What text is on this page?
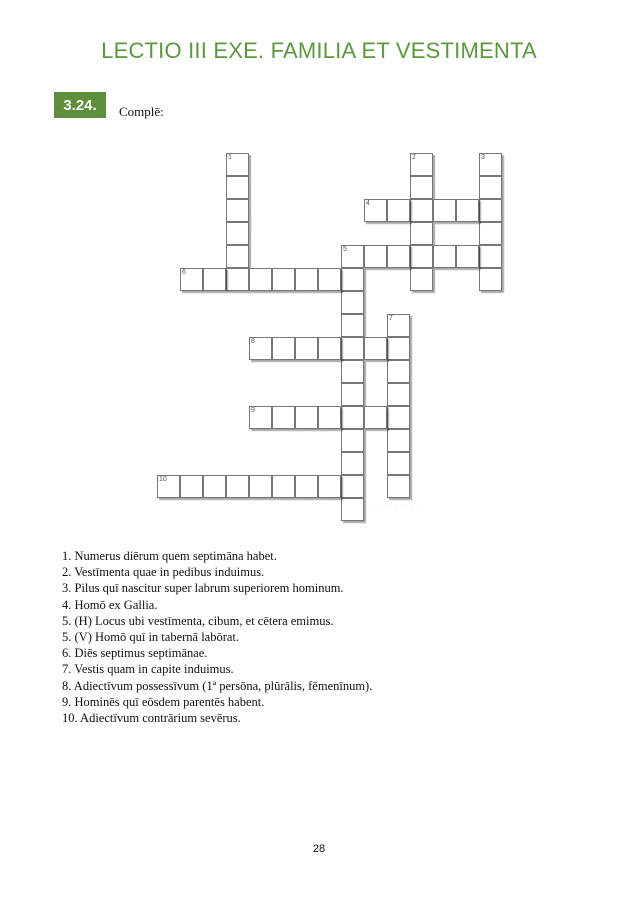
LECTIO III EXE. FAMILIA ET VESTIMENTA
3.24.	Complē:
1	2	3
4
5
6
7
8
9
10
· · · · · · · · · · · · ·
1. Numerus diērum quem septimāna habet.
2. Vestīmenta quae in pedibus induimus.
3. Pilus quī nascitur super labrum superiorem hominum.
4. Homō ex Gallia.
5. (H) Locus ubi vestīmenta, cibum, et cētera emimus.
5. (V) Homō quī in tabernā labōrat.
6. Diēs septimus septimānae.
7. Vestis quam in capite induimus.
8. Adiectīvum possessīvum (1ª persōna, plūrālis, fēmenīnum).
9. Hominēs quī eōsdem parentēs habent.
10. Adiectīvum contrārium sevērus.
28
